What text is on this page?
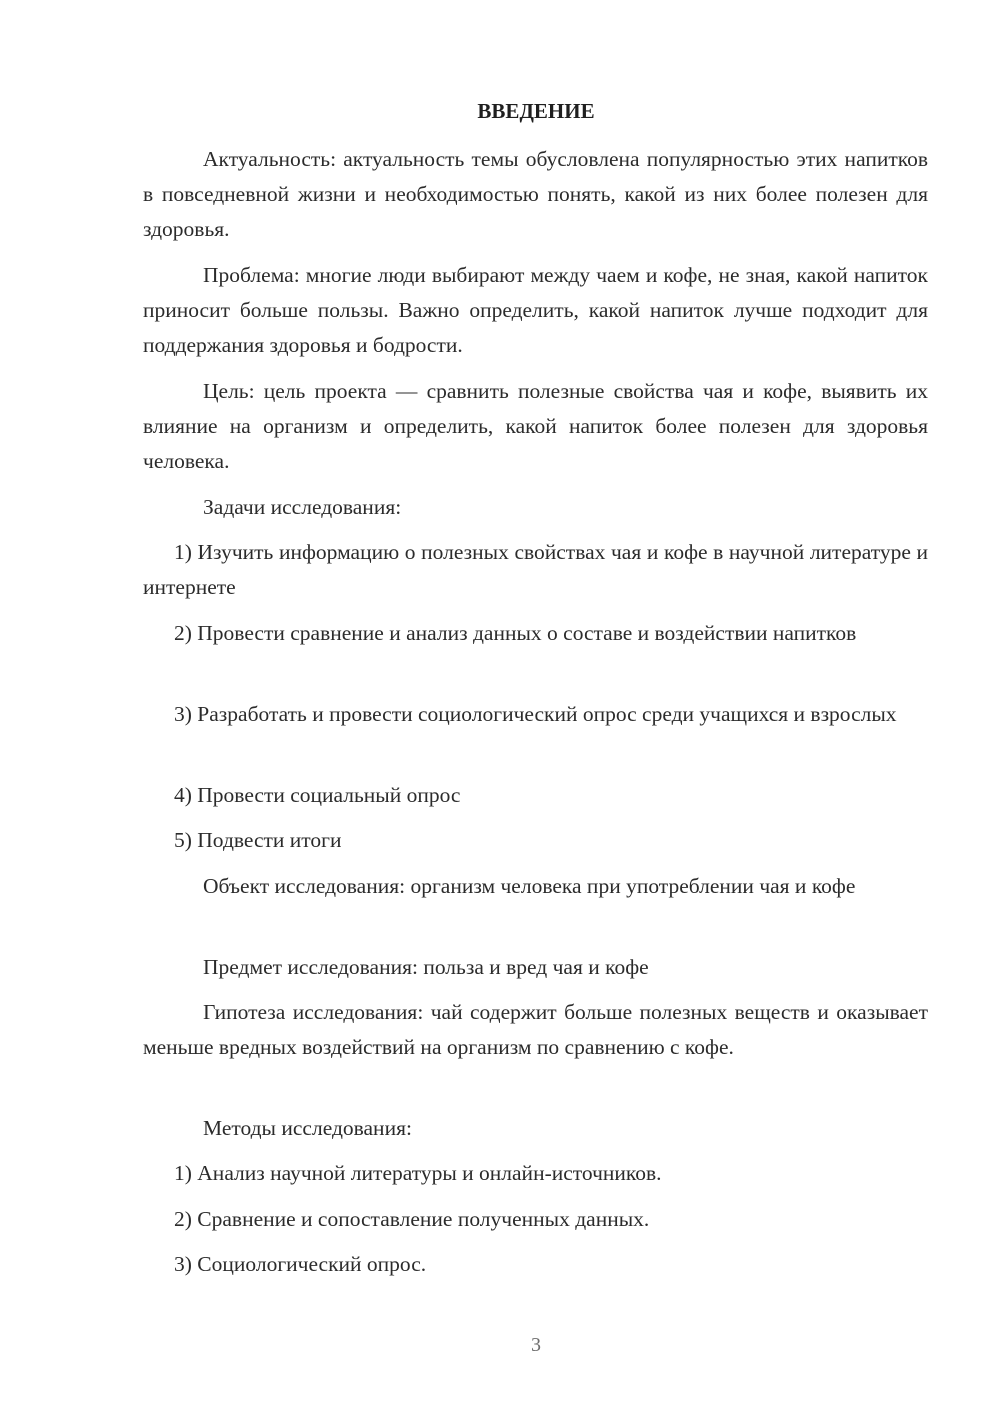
ВВЕДЕНИЕ
Актуальность: актуальность темы обусловлена популярностью этих напитков в повседневной жизни и необходимостью понять, какой из них более полезен для здоровья.
Проблема: многие люди выбирают между чаем и кофе, не зная, какой напиток приносит больше пользы. Важно определить, какой напиток лучше подходит для поддержания здоровья и бодрости.
Цель: цель проекта — сравнить полезные свойства чая и кофе, выявить их влияние на организм и определить, какой напиток более полезен для здоровья человека.
Задачи исследования:
1) Изучить информацию о полезных свойствах чая и кофе в научной литературе и интернете
2) Провести сравнение и анализ данных о составе и воздействии напитков
3) Разработать и провести социологический опрос среди учащихся и взрослых
4) Провести социальный опрос
5) Подвести итоги
Объект исследования: организм человека при употреблении чая и кофе
Предмет исследования: польза и вред чая и кофе
Гипотеза исследования: чай содержит больше полезных веществ и оказывает меньше вредных воздействий на организм по сравнению с кофе.
Методы исследования:
1) Анализ научной литературы и онлайн-источников.
2) Сравнение и сопоставление полученных данных.
3) Социологический опрос.
3
